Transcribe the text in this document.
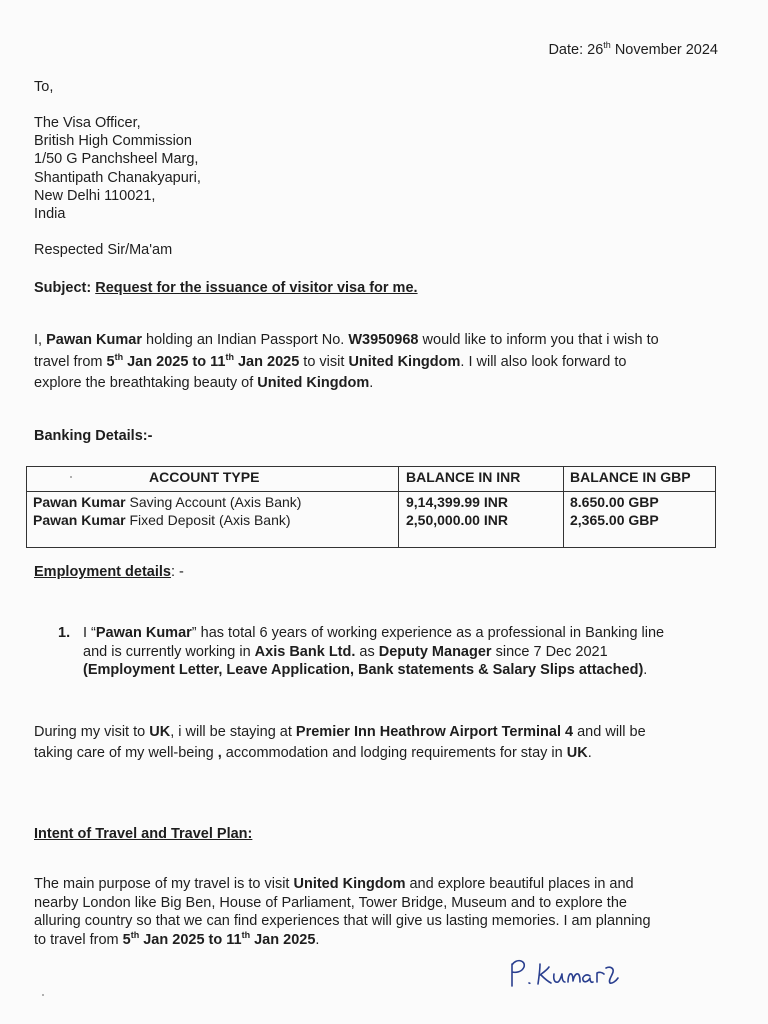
Date: 26th November 2024
To,
The Visa Officer,
British High Commission
1/50 G Panchsheel Marg,
Shantipath Chanakyapuri,
New Delhi 110021,
India
Respected Sir/Ma'am
Subject: Request for the issuance of visitor visa for me.
I, Pawan Kumar holding an Indian Passport No. W3950968 would like to inform you that i wish to
travel from 5th Jan 2025 to 11th Jan 2025 to visit United Kingdom. I will also look forward to
explore the breathtaking beauty of United Kingdom.
Banking Details:-
ACCOUNT TYPE	BALANCE IN INR	BALANCE IN GBP
Pawan Kumar Saving Account (Axis Bank)	9,14,399.99 INR	8.650.00 GBP
Pawan Kumar Fixed Deposit (Axis Bank)	2,50,000.00 INR	2,365.00 GBP
Employment details: -
1. I “Pawan Kumar” has total 6 years of working experience as a professional in Banking line
and is currently working in Axis Bank Ltd. as Deputy Manager since 7 Dec 2021
(Employment Letter, Leave Application, Bank statements & Salary Slips attached).
During my visit to UK, i will be staying at Premier Inn Heathrow Airport Terminal 4 and will be
taking care of my well-being , accommodation and lodging requirements for stay in UK.
Intent of Travel and Travel Plan:
The main purpose of my travel is to visit United Kingdom and explore beautiful places in and
nearby London like Big Ben, House of Parliament, Tower Bridge, Museum and to explore the
alluring country so that we can find experiences that will give us lasting memories. I am planning
to travel from 5th Jan 2025 to 11th Jan 2025.
